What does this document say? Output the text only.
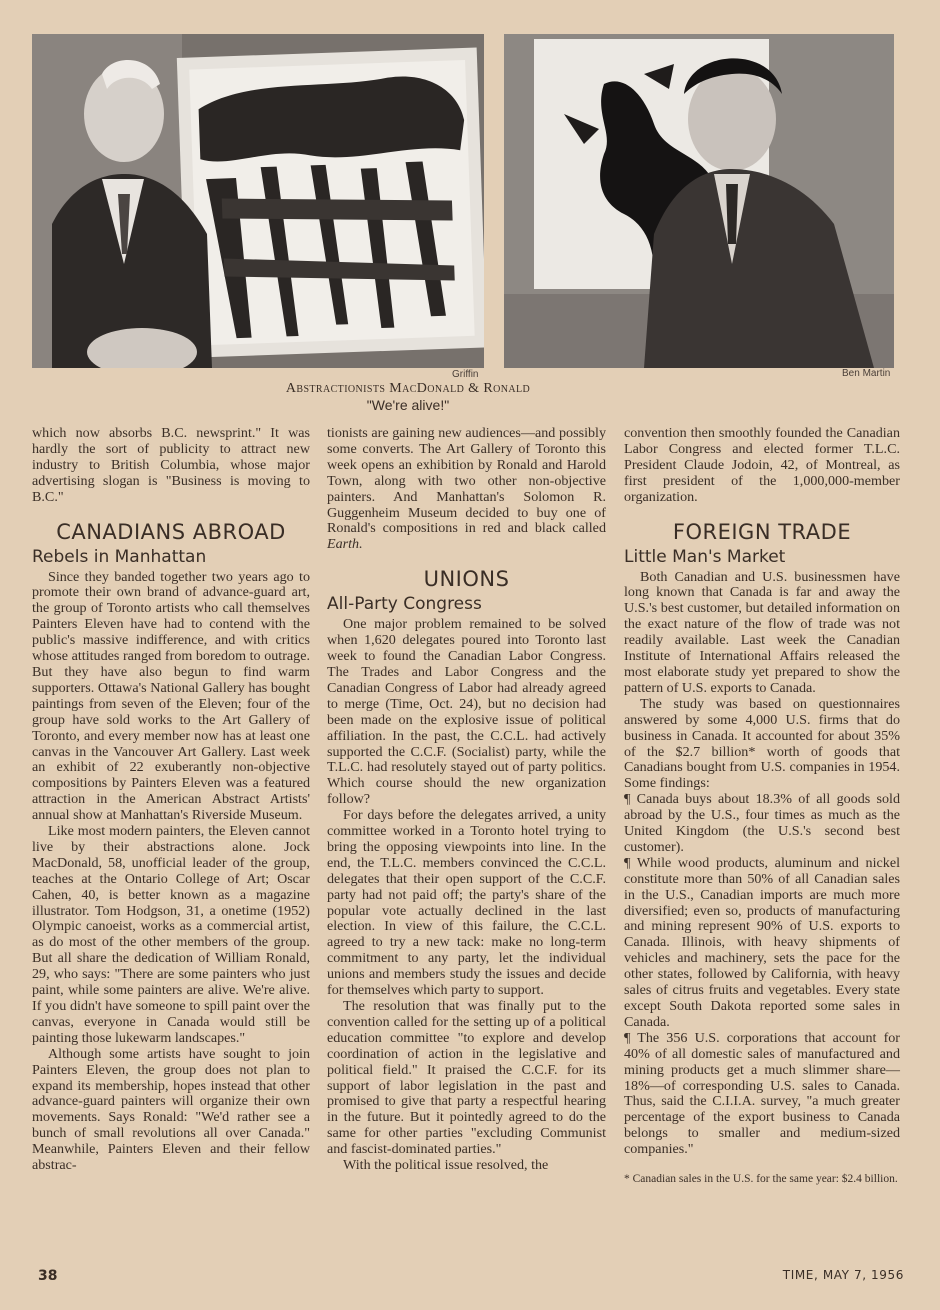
Griffin	Ben Martin
Abstractionists MacDonald & Ronald
"We're alive!"

which now absorbs B.C. newsprint." It was hardly the sort of publicity to attract new industry to British Columbia, whose major advertising slogan is "Business is moving to B.C."

CANADIANS ABROAD
Rebels in Manhattan

Since they banded together two years ago to promote their own brand of advance-guard art, the group of Toronto artists who call themselves Painters Eleven have had to contend with the public's massive indifference, and with critics whose attitudes ranged from boredom to outrage. But they have also begun to find warm supporters. Ottawa's National Gallery has bought paintings from seven of the Eleven; four of the group have sold works to the Art Gallery of Toronto, and every member now has at least one canvas in the Vancouver Art Gallery. Last week an exhibit of 22 exuberantly non-objective compositions by Painters Eleven was a featured attraction in the American Abstract Artists' annual show at Manhattan's Riverside Museum.

Like most modern painters, the Eleven cannot live by their abstractions alone. Jock MacDonald, 58, unofficial leader of the group, teaches at the Ontario College of Art; Oscar Cahen, 40, is better known as a magazine illustrator. Tom Hodgson, 31, a onetime (1952) Olympic canoeist, works as a commercial artist, as do most of the other members of the group. But all share the dedication of William Ronald, 29, who says: "There are some painters who just paint, while some painters are alive. We're alive. If you didn't have someone to spill paint over the canvas, everyone in Canada would still be painting those lukewarm landscapes."

Although some artists have sought to join Painters Eleven, the group does not plan to expand its membership, hopes instead that other advance-guard painters will organize their own movements. Says Ronald: "We'd rather see a bunch of small revolutions all over Canada." Meanwhile, Painters Eleven and their fellow abstrac-

tionists are gaining new audiences—and possibly some converts. The Art Gallery of Toronto this week opens an exhibition by Ronald and Harold Town, along with two other non-objective painters. And Manhattan's Solomon R. Guggenheim Museum decided to buy one of Ronald's compositions in red and black called Earth.

UNIONS
All-Party Congress

One major problem remained to be solved when 1,620 delegates poured into Toronto last week to found the Canadian Labor Congress. The Trades and Labor Congress and the Canadian Congress of Labor had already agreed to merge (Time, Oct. 24), but no decision had been made on the explosive issue of political affiliation. In the past, the C.C.L. had actively supported the C.C.F. (Socialist) party, while the T.L.C. had resolutely stayed out of party politics. Which course should the new organization follow?

For days before the delegates arrived, a unity committee worked in a Toronto hotel trying to bring the opposing viewpoints into line. In the end, the T.L.C. members convinced the C.C.L. delegates that their open support of the C.C.F. party had not paid off; the party's share of the popular vote actually declined in the last election. In view of this failure, the C.C.L. agreed to try a new tack: make no long-term commitment to any party, let the individual unions and members study the issues and decide for themselves which party to support.

The resolution that was finally put to the convention called for the setting up of a political education committee "to explore and develop coordination of action in the legislative and political field." It praised the C.C.F. for its support of labor legislation in the past and promised to give that party a respectful hearing in the future. But it pointedly agreed to do the same for other parties "excluding Communist and fascist-dominated parties."

With the political issue resolved, the

convention then smoothly founded the Canadian Labor Congress and elected former T.L.C. President Claude Jodoin, 42, of Montreal, as first president of the 1,000,000-member organization.

FOREIGN TRADE
Little Man's Market

Both Canadian and U.S. businessmen have long known that Canada is far and away the U.S.'s best customer, but detailed information on the exact nature of the flow of trade was not readily available. Last week the Canadian Institute of International Affairs released the most elaborate study yet prepared to show the pattern of U.S. exports to Canada.

The study was based on questionnaires answered by some 4,000 U.S. firms that do business in Canada. It accounted for about 35% of the $2.7 billion* worth of goods that Canadians bought from U.S. companies in 1954. Some findings:

¶ Canada buys about 18.3% of all goods sold abroad by the U.S., four times as much as the United Kingdom (the U.S.'s second best customer).

¶ While wood products, aluminum and nickel constitute more than 50% of all Canadian sales in the U.S., Canadian imports are much more diversified; even so, products of manufacturing and mining represent 90% of U.S. exports to Canada. Illinois, with heavy shipments of vehicles and machinery, sets the pace for the other states, followed by California, with heavy sales of citrus fruits and vegetables. Every state except South Dakota reported some sales in Canada.

¶ The 356 U.S. corporations that account for 40% of all domestic sales of manufactured and mining products get a much slimmer share—18%—of corresponding U.S. sales to Canada. Thus, said the C.I.I.A. survey, "a much greater percentage of the export business to Canada belongs to smaller and medium-sized companies."

* Canadian sales in the U.S. for the same year: $2.4 billion.

38	TIME, MAY 7, 1956
